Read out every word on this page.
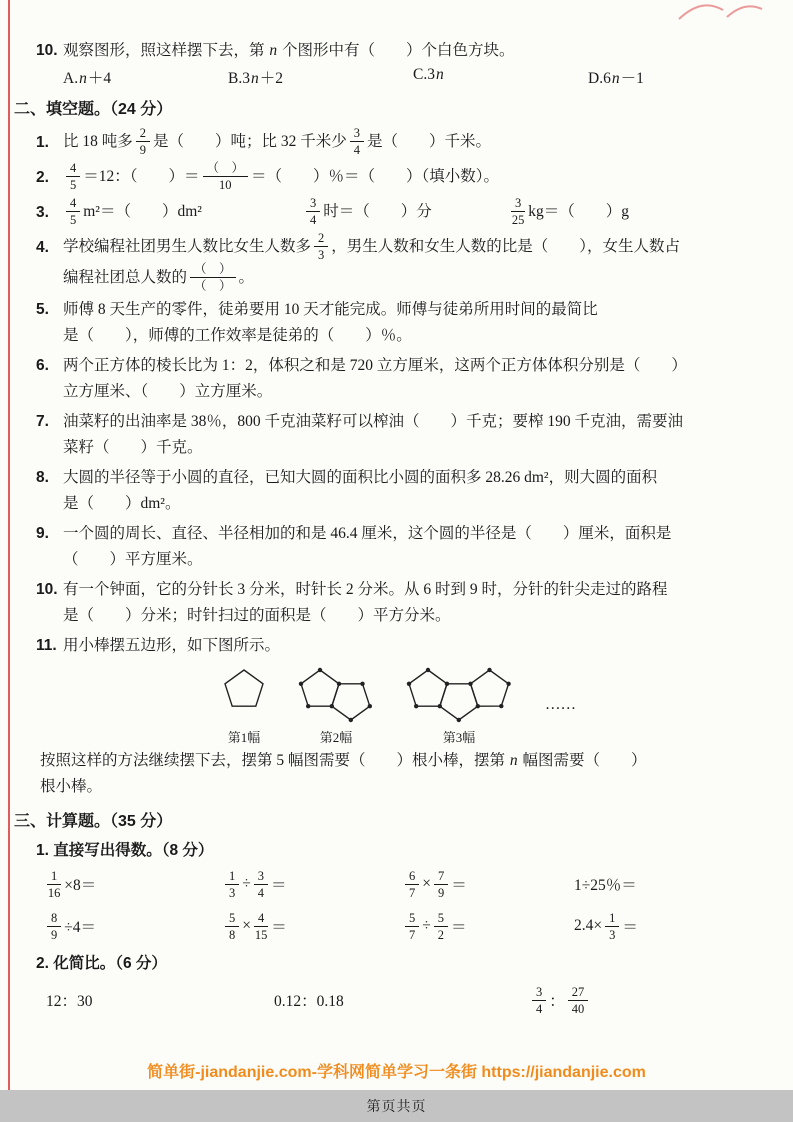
10. 观察图形，照这样摆下去，第 n 个图形中有（　　）个白色方块。
A. n ＋4	B.3 n ＋2	C.3 n	D.6 n －1
二、填空题。（24 分）
1. 比 18 吨多 $\frac{2}{9}$ 是（　　）吨；比 32 千米少 $\frac{3}{4}$ 是（　　）千米。
2. $\frac{4}{5} =12$：（　　）＝ $\frac{( )}{10}$ ＝（　　）％＝（　　）（填小数）。
3. $\frac{4}{5} m^2=$（　　）dm²	$\frac{3}{4}$ 时＝（　　）分	$\frac{3}{25} kg=$（　　）g
4. 学校编程社团男生人数比女生人数多 $\frac{2}{3}$ ，男生人数和女生人数的比是（　　），女生人数占
编程社团总人数的 $\frac{( )}{( )}$ 。
5. 师傅 8 天生产的零件，徒弟要用 10 天才能完成。师傅与徒弟所用时间的最简比
是（　　），师傅的工作效率是徒弟的（　　）％。
6. 两个正方体的棱长比为 1：2，体积之和是 720 立方厘米，这两个正方体体积分别是（　　）
立方厘米、（　　）立方厘米。
7. 油菜籽的出油率是 38％，800 千克油菜籽可以榨油（　　）千克；要榨 190 千克油，需要油
菜籽（　　）千克。
8. 大圆的半径等于小圆的直径，已知大圆的面积比小圆的面积多 28.26 dm²，则大圆的面积
是（　　）dm²。
9. 一个圆的周长、直径、半径相加的和是 46.4 厘米，这个圆的半径是（　　）厘米，面积是
（　　）平方厘米。
10. 有一个钟面，它的分针长 3 分米，时针长 2 分米。从 6 时到 9 时，分针的针尖走过的路程
是（　　）分米；时针扫过的面积是（　　）平方分米。
11. 用小棒摆五边形，如下图所示。
第1幅	第2幅	第3幅
……
按照这样的方法继续摆下去，摆第 5 幅图需要（　　）根小棒，摆第 n 幅图需要（　　）
根小棒。
三、计算题。（35 分）
1. 直接写出得数。（8 分）
$\frac{1}{16} \times 8=$	$\frac{1}{3} \div \frac{3}{4}$ ＝	$\frac{6}{7} \times \frac{7}{9}$ ＝	1÷25％＝
$\frac{8}{9} \div 4=$	$\frac{5}{8} \times \frac{4}{15}$ ＝	$\frac{5}{7} \div \frac{5}{2}$ ＝	$2.4\times \frac{1}{3}$ ＝
2. 化简比。（6 分）
12：30	0.12：0.18	$\frac{3}{4}$ ： $\frac{27}{40}$
简单街-jiandanjie.com-学科网简单学习一条街 https://jiandanjie.com
第页共页
